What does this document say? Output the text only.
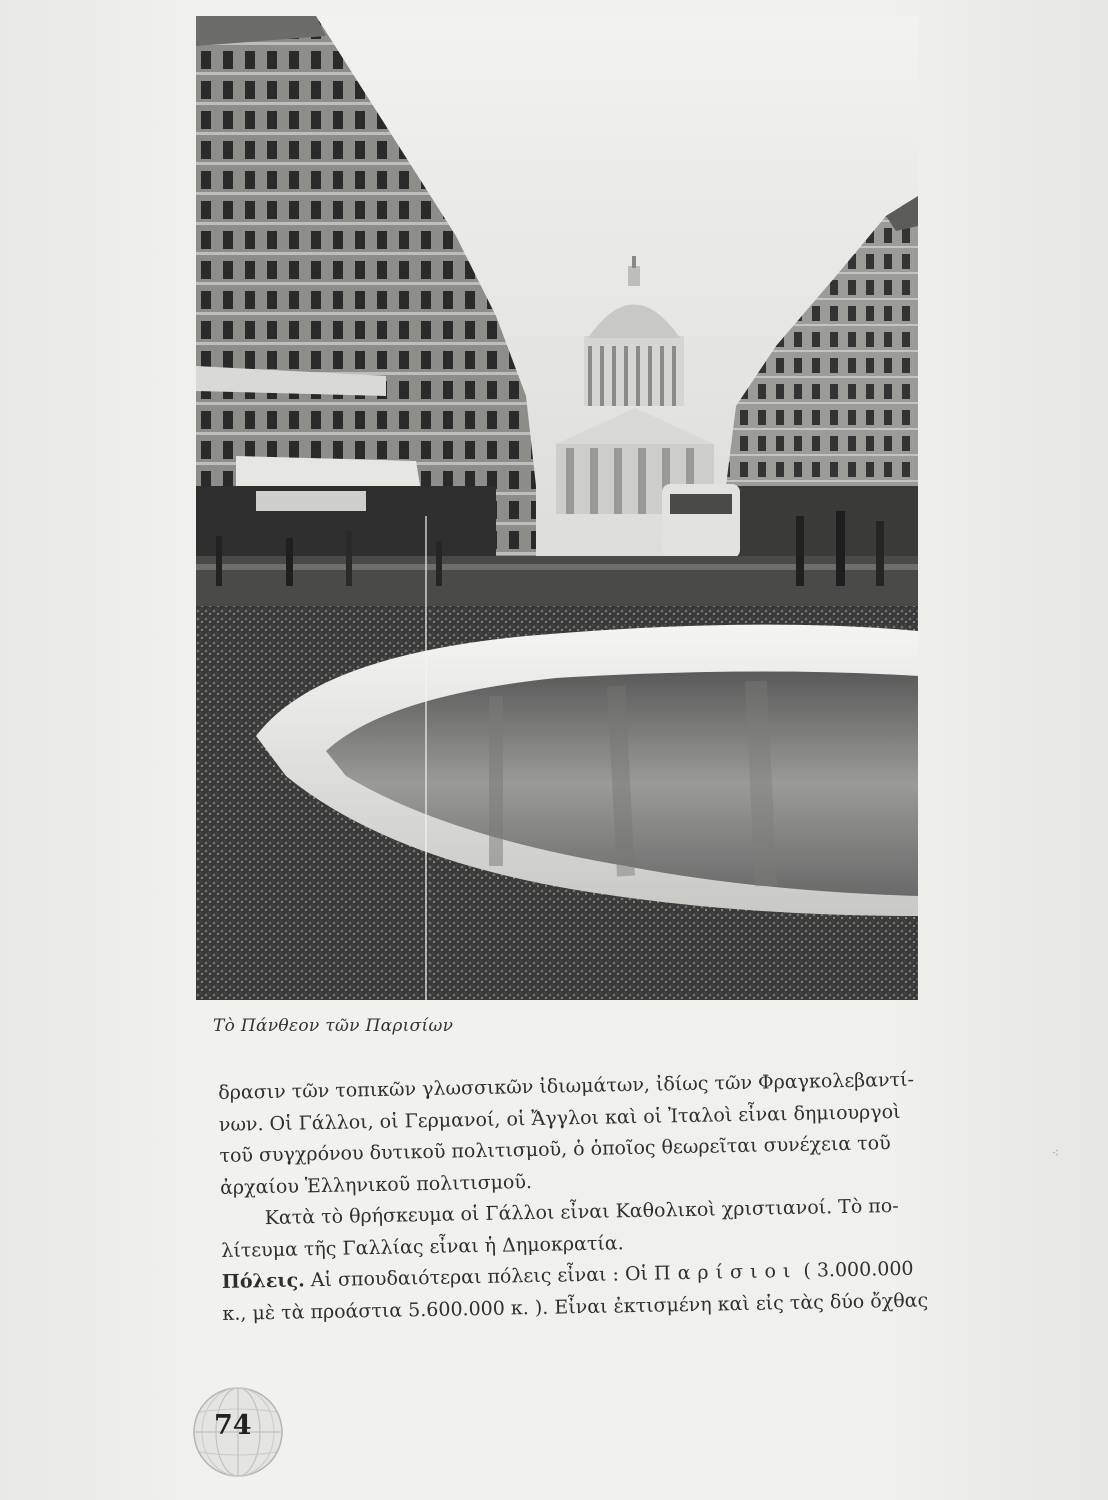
Τὸ Πάνθεον τῶν Παρισίων

δρασιν τῶν τοπικῶν γλωσσικῶν ἰδιωμάτων, ἰδίως τῶν Φραγκολεβαντί-

νων. Οἱ Γάλλοι, οἱ Γερμανοί, οἱ Ἄγγλοι καὶ οἱ Ἰταλοὶ εἶναι δημιουργοὶ

τοῦ συγχρόνου δυτικοῦ πολιτισμοῦ, ὁ ὁποῖος θεωρεῖται συνέχεια τοῦ

ἀρχαίου Ἑλληνικοῦ πολιτισμοῦ.

Κατὰ τὸ θρήσκευμα οἱ Γάλλοι εἶναι Καθολικοὶ χριστιανοί. Τὸ πο-

λίτευμα τῆς Γαλλίας εἶναι ἡ Δημοκρατία.

Πόλεις. Αἱ σπουδαιότεραι πόλεις εἶναι : Οἱ Παρίσιοι ( 3.000.000

κ., μὲ τὰ προάστια 5.600.000 κ. ). Εἶναι ἐκτισμένη καὶ εἰς τὰς δύο ὄχθας

74
⁖
